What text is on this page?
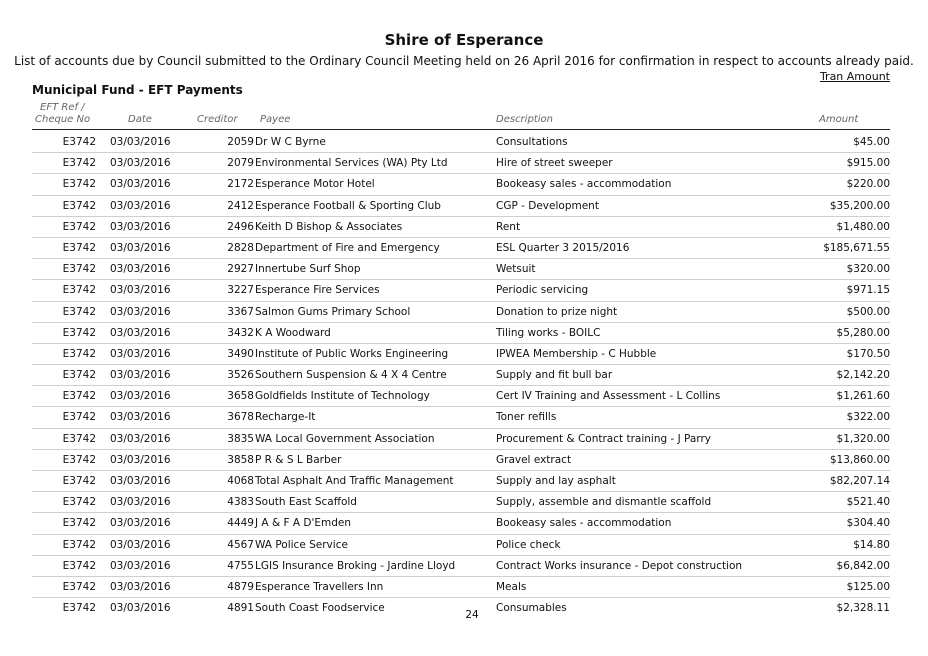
Shire of Esperance
List of accounts due by Council submitted to the Ordinary Council Meeting held on 26 April 2016 for confirmation in respect to accounts already paid.
Tran Amount
Municipal Fund - EFT Payments
EFT Ref /
Cheque No	Date	Creditor Payee	Description	Amount
E3742 03/03/2016	2059 Dr W C Byrne	Consultations	$45.00
E3742 03/03/2016	2079 Environmental Services (WA) Pty Ltd	Hire of street sweeper	$915.00
E3742 03/03/2016	2172 Esperance Motor Hotel	Bookeasy sales - accommodation	$220.00
E3742 03/03/2016	2412 Esperance Football & Sporting Club	CGP - Development	$35,200.00
E3742 03/03/2016	2496 Keith D Bishop & Associates	Rent	$1,480.00
E3742 03/03/2016	2828 Department of Fire and Emergency	ESL Quarter 3 2015/2016	$185,671.55
E3742 03/03/2016	2927 Innertube Surf Shop	Wetsuit	$320.00
E3742 03/03/2016	3227 Esperance Fire Services	Periodic servicing	$971.15
E3742 03/03/2016	3367 Salmon Gums Primary School	Donation to prize night	$500.00
E3742 03/03/2016	3432 K A Woodward	Tiling works - BOILC	$5,280.00
E3742 03/03/2016	3490 Institute of Public Works Engineering	IPWEA Membership - C Hubble	$170.50
E3742 03/03/2016	3526 Southern Suspension & 4 X 4 Centre	Supply and fit bull bar	$2,142.20
E3742 03/03/2016	3658 Goldfields Institute of Technology	Cert IV Training and Assessment - L Collins	$1,261.60
E3742 03/03/2016	3678 Recharge-It	Toner refills	$322.00
E3742 03/03/2016	3835 WA Local Government Association	Procurement & Contract training - J Parry	$1,320.00
E3742 03/03/2016	3858 P R & S L Barber	Gravel extract	$13,860.00
E3742 03/03/2016	4068 Total Asphalt And Traffic Management	Supply and lay asphalt	$82,207.14
E3742 03/03/2016	4383 South East Scaffold	Supply, assemble and dismantle scaffold	$521.40
E3742 03/03/2016	4449 J A & F A D'Emden	Bookeasy sales - accommodation	$304.40
E3742 03/03/2016	4567 WA Police Service	Police check	$14.80
E3742 03/03/2016	4755 LGIS Insurance Broking - Jardine Lloyd	Contract Works insurance - Depot construction	$6,842.00
E3742 03/03/2016	4879 Esperance Travellers Inn	Meals	$125.00
E3742 03/03/2016	4891 South Coast Foodservice	Consumables	$2,328.11
24
